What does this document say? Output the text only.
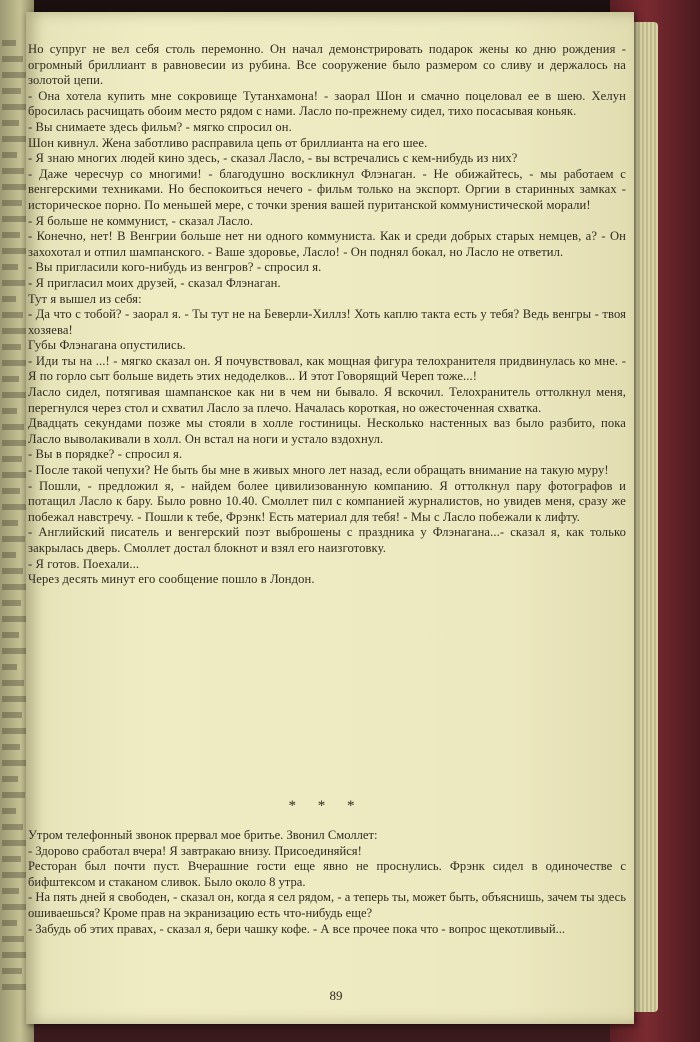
Но супруг не вел себя столь перемонно. Он начал демонстрировать подарок жены ко дню рождения - огромный бриллиант в равновесии из рубина. Все сооружение было размером со сливу и держалось на золотой цепи.

- Она хотела купить мне сокровище Тутанхамона! - заорал Шон и смачно поцеловал ее в шею. Хелун бросилась расчищать обоим место рядом с нами. Ласло по-прежнему сидел, тихо посасывая коньяк.

- Вы снимаете здесь фильм? - мягко спросил он.

Шон кивнул. Жена заботливо расправила цепь от бриллианта на его шее.

- Я знаю многих людей кино здесь, - сказал Ласло, - вы встречались с кем-нибудь из них?

- Даже чересчур со многими! - благодушно воскликнул Флэнаган. - Не обижайтесь, - мы работаем с венгерскими техниками. Но беспокоиться нечего - фильм только на экспорт. Оргии в старинных замках - историческое порно. По меньшей мере, с точки зрения вашей пуританской коммунистической морали!

- Я больше не коммунист, - сказал Ласло.

- Конечно, нет! В Венгрии больше нет ни одного коммуниста. Как и среди добрых старых немцев, а? - Он захохотал и отпил шампанского. - Ваше здоровье, Ласло! - Он поднял бокал, но Ласло не ответил.

- Вы пригласили кого-нибудь из венгров? - спросил я.

- Я пригласил моих друзей, - сказал Флэнаган.

Тут я вышел из себя:

- Да что с тобой? - заорал я. - Ты тут не на Беверли-Хиллз! Хоть каплю такта есть у тебя? Ведь венгры - твоя хозяева!

Губы Флэнагана опустились.

- Иди ты на ...! - мягко сказал он. Я почувствовал, как мощная фигура телохранителя придвинулась ко мне. - Я по горло сыт больше видеть этих недоделков... И этот Говорящий Череп тоже...!

Ласло сидел, потягивая шампанское как ни в чем ни бывало. Я вскочил. Телохранитель оттолкнул меня, перегнулся через стол и схватил Ласло за плечо. Началась короткая, но ожесточенная схватка.

Двадцать секундами позже мы стояли в холле гостиницы. Несколько настенных ваз было разбито, пока Ласло выволакивали в холл. Он встал на ноги и устало вздохнул.

- Вы в порядке? - спросил я.

- После такой чепухи? Не быть бы мне в живых много лет назад, если обращать внимание на такую муру!

- Пошли, - предложил я, - найдем более цивилизованную компанию. Я оттолкнул пару фотографов и потащил Ласло к бару. Было ровно 10.40. Смоллет пил с компанией журналистов, но увидев меня, сразу же побежал навстречу. - Пошли к тебе, Фрэнк! Есть материал для тебя! - Мы с Ласло побежали к лифту.

- Английский писатель и венгерский поэт выброшены с праздника у Флэнагана...- сказал я, как только закрылась дверь. Смоллет достал блокнот и взял его наизготовку.

- Я готов. Поехали...

Через десять минут его сообщение пошло в Лондон.

* * *

Утром телефонный звонок прервал мое бритье. Звонил Смоллет:

- Здорово сработал вчера! Я завтракаю внизу. Присоединяйся!

Ресторан был почти пуст. Вчерашние гости еще явно не проснулись. Фрэнк сидел в одиночестве с бифштексом и стаканом сливок. Было около 8 утра.

- На пять дней я свободен, - сказал он, когда я сел рядом, - а теперь ты, может быть, объяснишь, зачем ты здесь ошиваешься? Кроме прав на экранизацию есть что-нибудь еще?

- Забудь об этих правах, - сказал я, бери чашку кофе. - А все прочее пока что - вопрос щекотливый...

89
